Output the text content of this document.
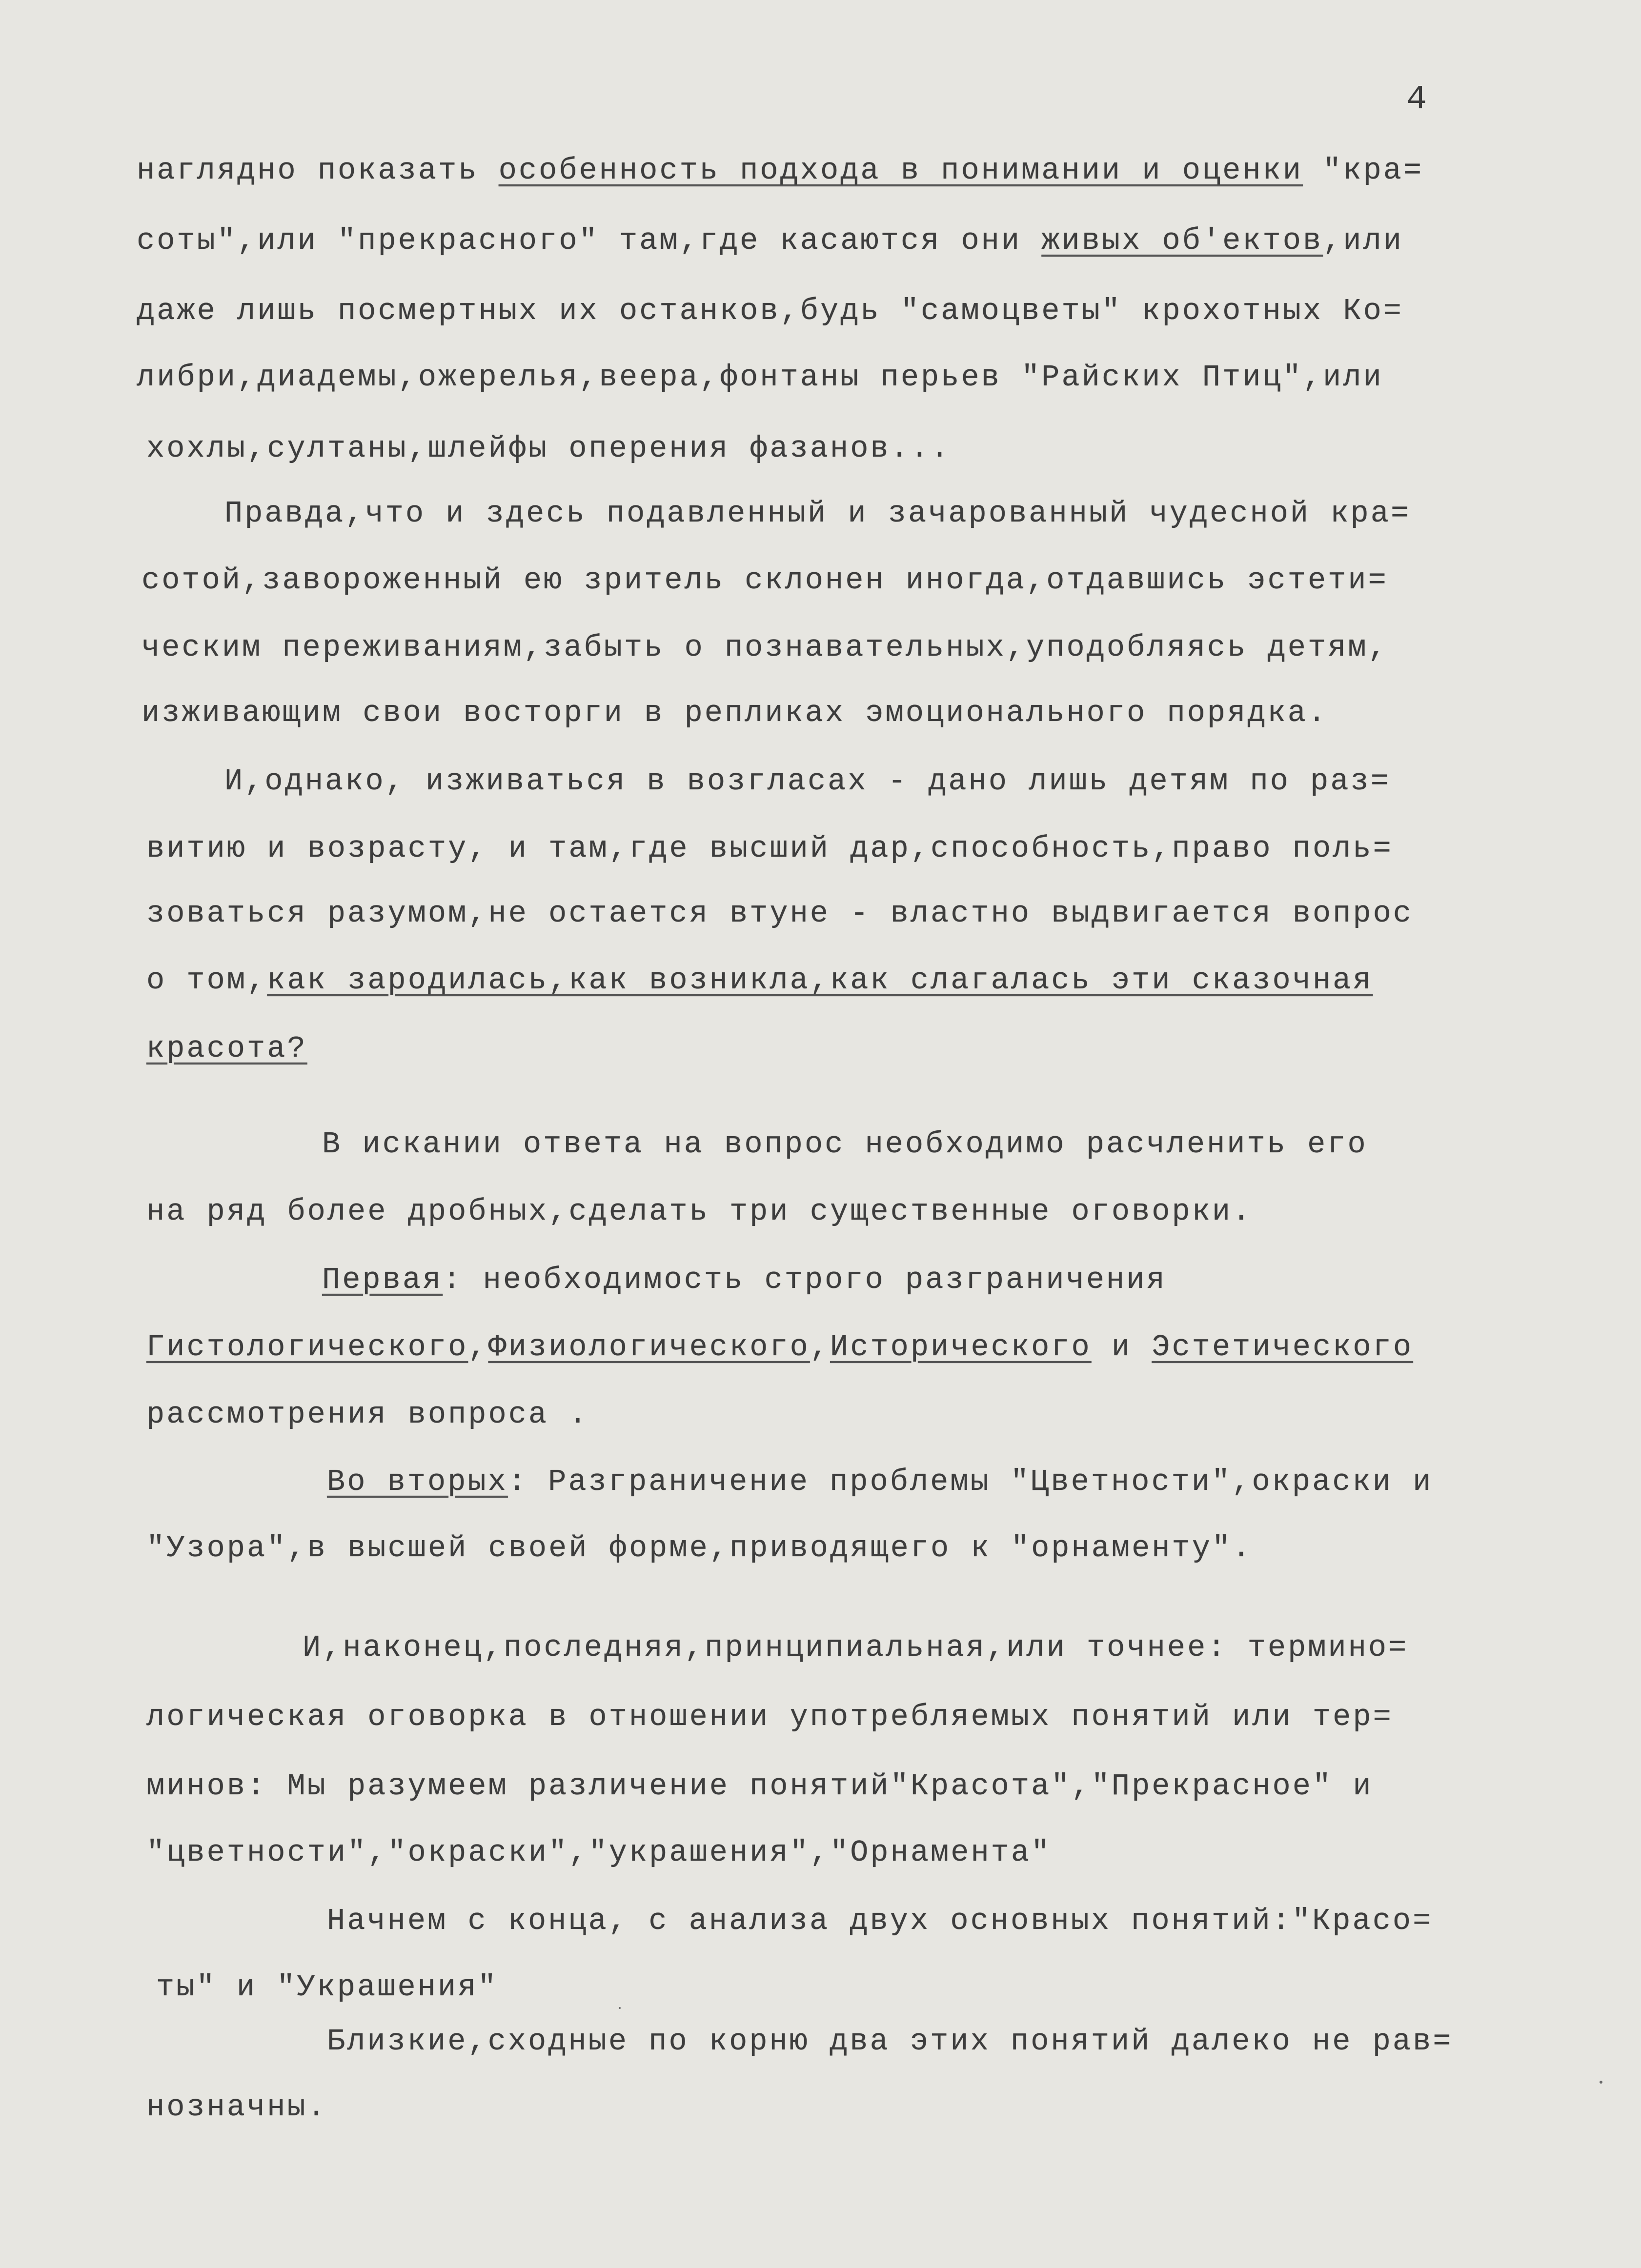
4
наглядно показать особенность подхода в понимании и оценки "кра=
соты",или "прекрасного" там,где касаются они живых об'ектов,или
даже лишь посмертных их останков,будь "самоцветы" крохотных Ко=
либри,диадемы,ожерелья,веера,фонтаны перьев "Райских Птиц",или
хохлы,султаны,шлейфы оперения фазанов...
Правда,что и здесь подавленный и зачарованный чудесной кра=
сотой,завороженный ею зритель склонен иногда,отдавшись эстети=
ческим переживаниям,забыть о познавательных,уподобляясь детям,
изживающим свои восторги в репликах эмоционального порядка.
И,однако, изживаться в возгласах - дано лишь детям по раз=
витию и возрасту, и там,где высший дар,способность,право поль=
зоваться разумом,не остается втуне - властно выдвигается вопрос
о том,как зародилась,как возникла,как слагалась эти сказочная
красота?
В искании ответа на вопрос необходимо расчленить его
на ряд более дробных,сделать три существенные оговорки.
Первая: необходимость строго разграничения
Гистологического,Физиологического,Исторического и Эстетического
рассмотрения вопроса .
Во вторых: Разграничение проблемы "Цветности",окраски и
"Узора",в высшей своей форме,приводящего к "орнаменту".
И,наконец,последняя,принципиальная,или точнее: термино=
логическая оговорка в отношении употребляемых понятий или тер=
минов: Мы разумеем различение понятий"Красота","Прекрасное" и
"цветности","окраски","украшения","Орнамента"
Начнем с конца, с анализа двух основных понятий:"Красо=
ты" и "Украшения"
Близкие,сходные по корню два этих понятий далеко не рав=
нозначны.
